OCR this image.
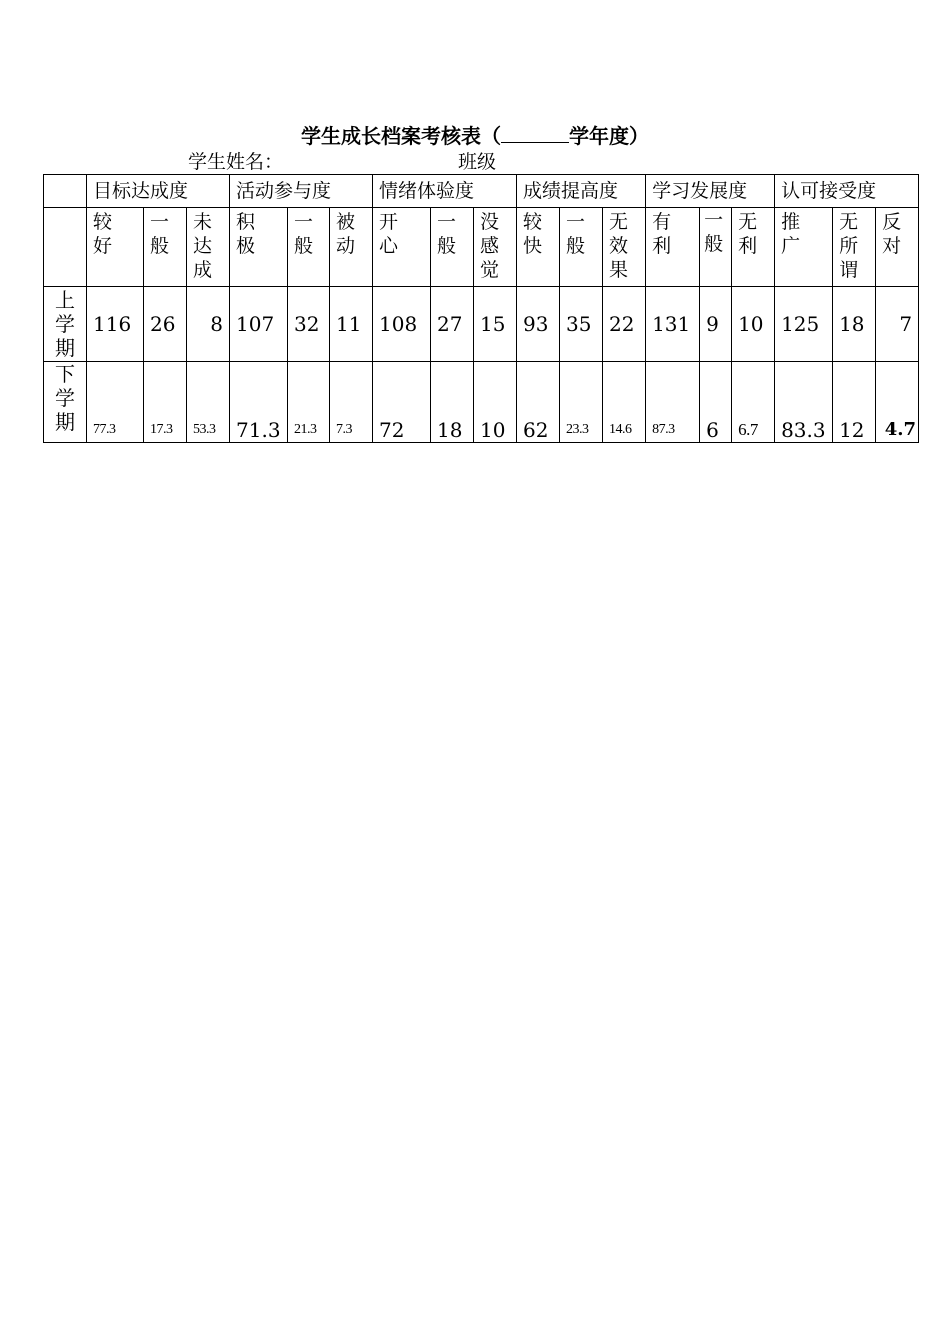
学生成长档案考核表（	学年度）
学生姓名：	班级
	目标达成度			活动参与度			情绪体验度			成绩提高度			学习发展度			认可接受度		

	较好	一般	未达成	积极	一般	被动	开心	一般	没感觉	较快	一般	无效果	有利	一般	无利	推广	无所谓	反对

上学期	116	26	8	107	32	11	108	27	15	93	35	22	131	9	10	125	18	7

下学期	77.3	17.3	53.3	71.3	21.3	7.3	72	18	10	62	23.3	14.6	87.3	6	6.7	83.3	12	4.7
